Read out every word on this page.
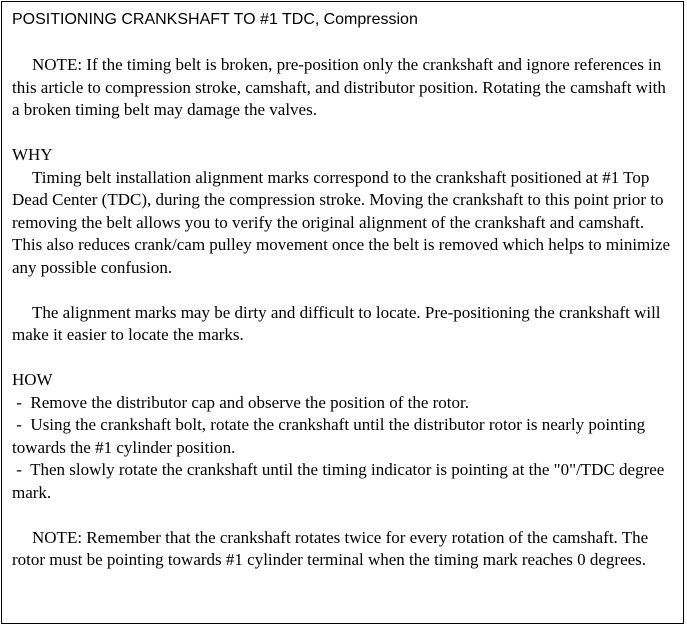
POSITIONING CRANKSHAFT TO #1 TDC, Compression

NOTE: If the timing belt is broken, pre-position only the crankshaft and ignore references in this article to compression stroke, camshaft, and distributor position. Rotating the camshaft with a broken timing belt may damage the valves.

WHY

Timing belt installation alignment marks correspond to the crankshaft positioned at #1 Top Dead Center (TDC), during the compression stroke. Moving the crankshaft to this point prior to removing the belt allows you to verify the original alignment of the crankshaft and camshaft. This also reduces crank/cam pulley movement once the belt is removed which helps to minimize any possible confusion.

The alignment marks may be dirty and difficult to locate. Pre-positioning the crankshaft will make it easier to locate the marks.

HOW

-  Remove the distributor cap and observe the position of the rotor.

-  Using the crankshaft bolt, rotate the crankshaft until the distributor rotor is nearly pointing towards the #1 cylinder position.

-  Then slowly rotate the crankshaft until the timing indicator is pointing at the "0"/TDC degree mark.

NOTE: Remember that the crankshaft rotates twice for every rotation of the camshaft. The rotor must be pointing towards #1 cylinder terminal when the timing mark reaches 0 degrees.
